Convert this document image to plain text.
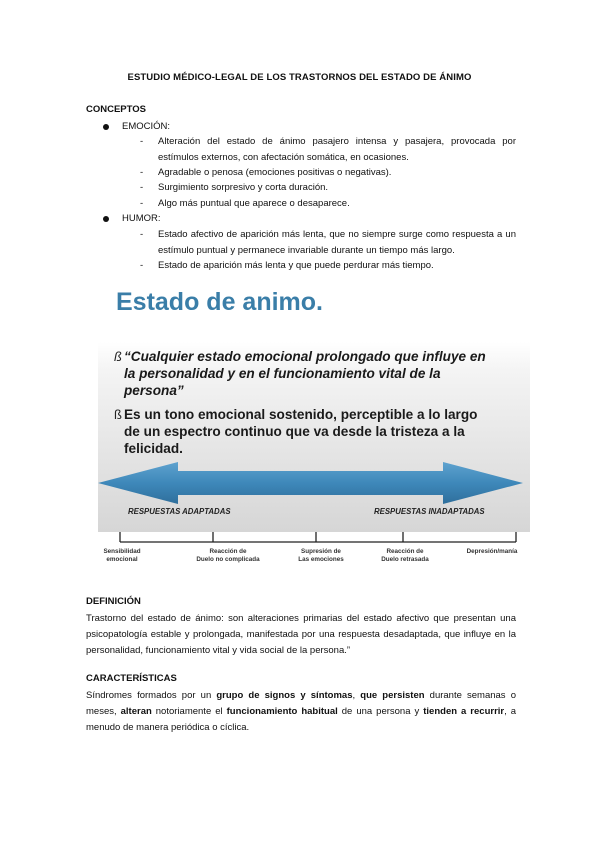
ESTUDIO MÉDICO-LEGAL DE LOS TRASTORNOS DEL ESTADO DE ÁNIMO
CONCEPTOS
EMOCIÓN:
- Alteración del estado de ánimo pasajero intensa y pasajera, provocada por estímulos externos, con afectación somática, en ocasiones.
- Agradable o penosa (emociones positivas o negativas).
- Surgimiento sorpresivo y corta duración.
- Algo más puntual que aparece o desaparece.
HUMOR:
- Estado afectivo de aparición más lenta, que no siempre surge como respuesta a un estímulo puntual y permanece invariable durante un tiempo más largo.
- Estado de aparición más lenta y que puede perdurar más tiempo.
Estado de animo.
ß “Cualquier estado emocional prolongado que influye en
la personalidad y en el funcionamiento vital de la
persona”
ß Es un tono emocional sostenido, perceptible a lo largo
de un espectro continuo que va desde la tristeza a la
felicidad.
RESPUESTAS ADAPTADAS	RESPUESTAS INADAPTADAS
Sensibilidad
emocional
Reacción de
Duelo no complicada
Supresión de
Las emociones
Reacción de
Duelo retrasada
Depresión/manía
DEFINICIÓN
Trastorno del estado de ánimo: son alteraciones primarias del estado afectivo que presentan una psicopatología estable y prolongada, manifestada por una respuesta desadaptada, que influye en la personalidad, funcionamiento vital y vida social de la persona.”
CARACTERÍSTICAS
Síndromes formados por un grupo de signos y síntomas, que persisten durante semanas o meses, alteran notoriamente el funcionamiento habitual de una persona y tienden a recurrir, a menudo de manera periódica o cíclica.
